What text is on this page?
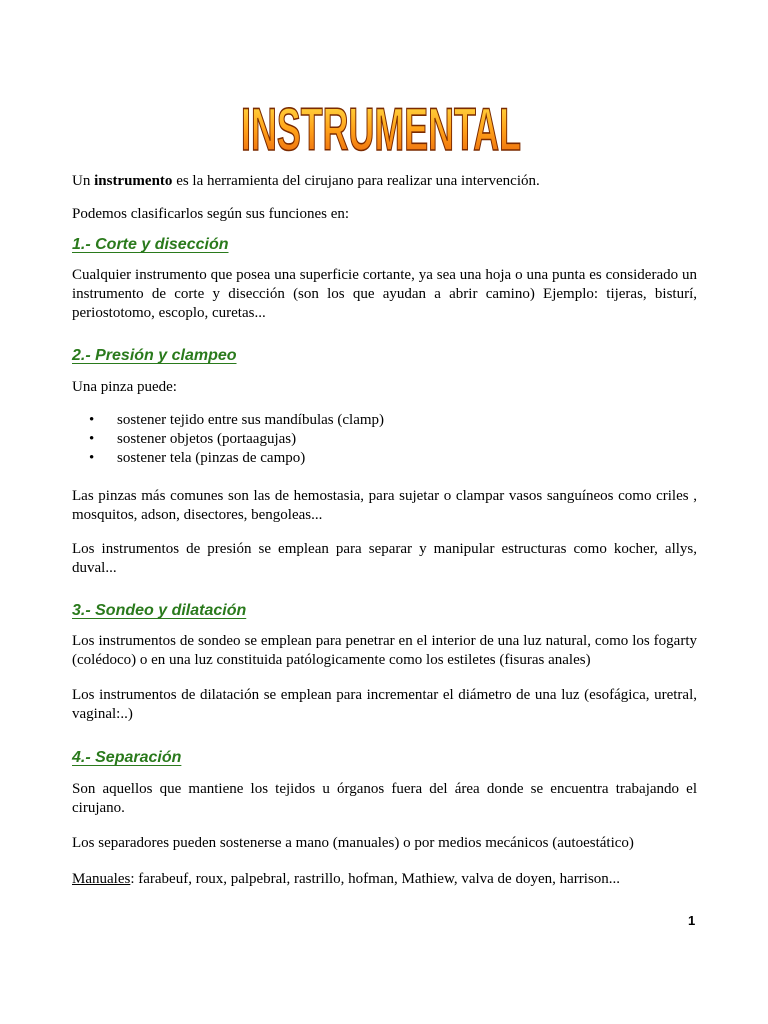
INSTRUMENTAL

Un instrumento es la herramienta del cirujano para realizar una intervención.

Podemos clasificarlos según sus funciones en:

1.- Corte y disección

Cualquier instrumento que posea una superficie cortante, ya sea una hoja o una punta es considerado un instrumento de corte y disección (son los que ayudan a abrir camino) Ejemplo: tijeras, bisturí, periostotomo, escoplo, curetas...

2.- Presión y clampeo

Una pinza puede:

• sostener tejido entre sus mandíbulas (clamp)
• sostener objetos (portaagujas)
• sostener tela (pinzas de campo)

Las pinzas más comunes son las de hemostasia, para sujetar o clampar vasos sanguíneos como criles , mosquitos, adson, disectores, bengoleas...

Los instrumentos de presión se emplean para separar y manipular estructuras como kocher, allys, duval...

3.- Sondeo y dilatación

Los instrumentos de sondeo se emplean para penetrar en el interior de una luz natural, como los fogarty (colédoco) o en una luz constituida patólogicamente como los estiletes (fisuras anales)

Los instrumentos de dilatación se emplean para incrementar el diámetro de una luz (esofágica, uretral, vaginal:..)

4.- Separación

Son aquellos que mantiene los tejidos u órganos fuera del área donde se encuentra trabajando el cirujano.

Los separadores pueden sostenerse a mano (manuales) o por medios mecánicos (autoestático)

Manuales: farabeuf, roux, palpebral, rastrillo, hofman, Mathiew, valva de doyen, harrison...

1
